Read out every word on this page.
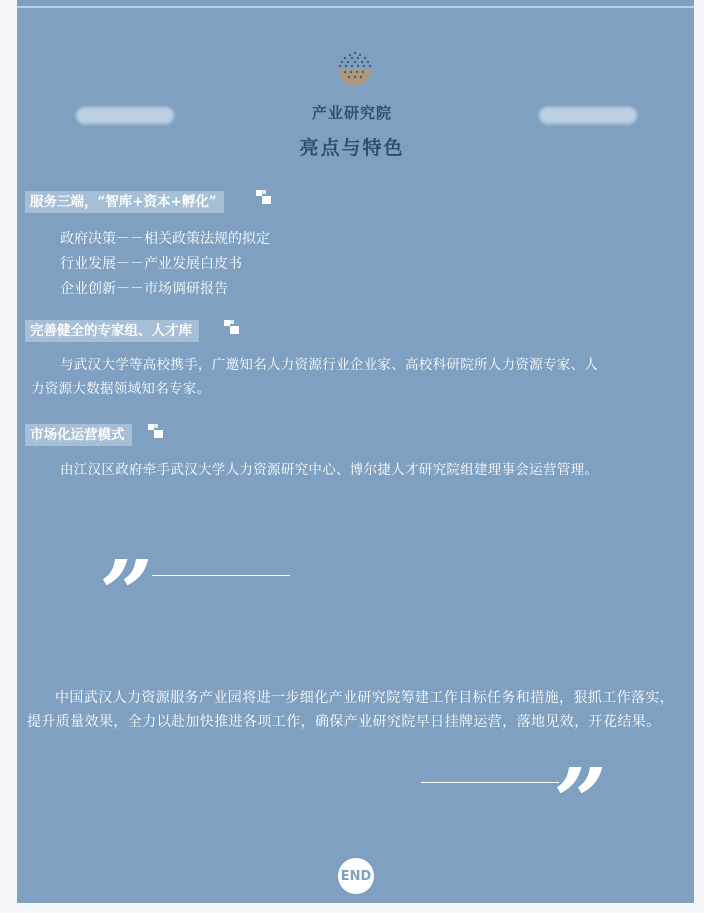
产业研究院
亮点与特色
服务三端，“智库+资本+孵化”
政府决策－－相关政策法规的拟定
行业发展－－产业发展白皮书
企业创新－－市场调研报告
完善健全的专家组、人才库
与武汉大学等高校携手，广邀知名人力资源行业企业家、高校科研院所人力资源专家、人力资源大数据领域知名专家。
市场化运营模式
由江汉区政府牵手武汉大学人力资源研究中心、博尔捷人才研究院组建理事会运营管理。
”
中国武汉人力资源服务产业园将进一步细化产业研究院筹建工作目标任务和措施，狠抓工作落实，提升质量效果，全力以赴加快推进各项工作，确保产业研究院早日挂牌运营，落地见效，开花结果。
”
END
